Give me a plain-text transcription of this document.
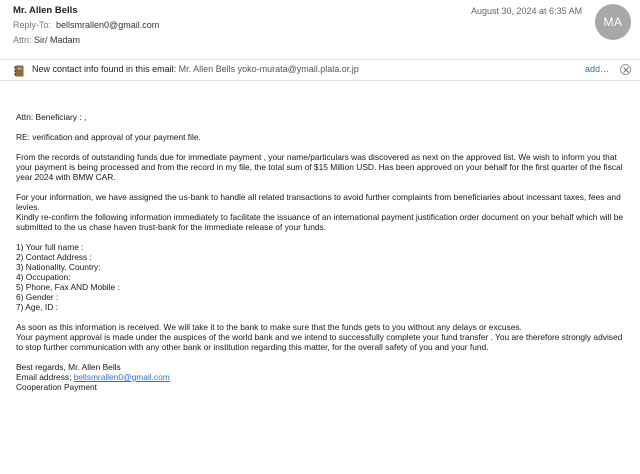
Mr. Allen Bells
Reply-To: bellsmrallen0@gmail.com
Attn: Sir/ Madam
August 30, 2024 at 6:35 AM
MA
New contact info found in this email: Mr. Allen Bells yoko-murata@ymail.plala.or.jp	add…

Attn: Beneficiary : ,

RE: verification and approval of your payment file.

From the records of outstanding funds due for immediate payment , your name/particulars was discovered as next on the approved list. We wish to inform you that your payment is being processed and from the record in my file, the total sum of $15 Million USD. Has been approved on your behalf for the first quarter of the fiscal year 2024 with BMW CAR.

For your information, we have assigned the us-bank to handle all related transactions to avoid further complaints from beneficiaries about incessant taxes, fees and levies.
Kindly re-confirm the following information immediately to facilitate the issuance of an international payment justification order document on your behalf which will be submitted to the us chase haven trust-bank for the immediate release of your funds.

1) Your full name :
2) Contact Address :
3) Nationality, Country:
4) Occupation:
5) Phone, Fax AND Mobile :
6) Gender :
7) Age, ID :

As soon as this information is received. We will take it to the bank to make sure that the funds gets to you without any delays or excuses.
Your payment approval is made under the auspices of the world bank and we intend to successfully complete your fund transfer . You are therefore strongly advised to stop further communication with any other bank or institution regarding this matter, for the overall safety of you and your fund.

Best regards, Mr. Allen Bells
Email address; bellsmrallen0@gmail.com
Cooperation Payment
